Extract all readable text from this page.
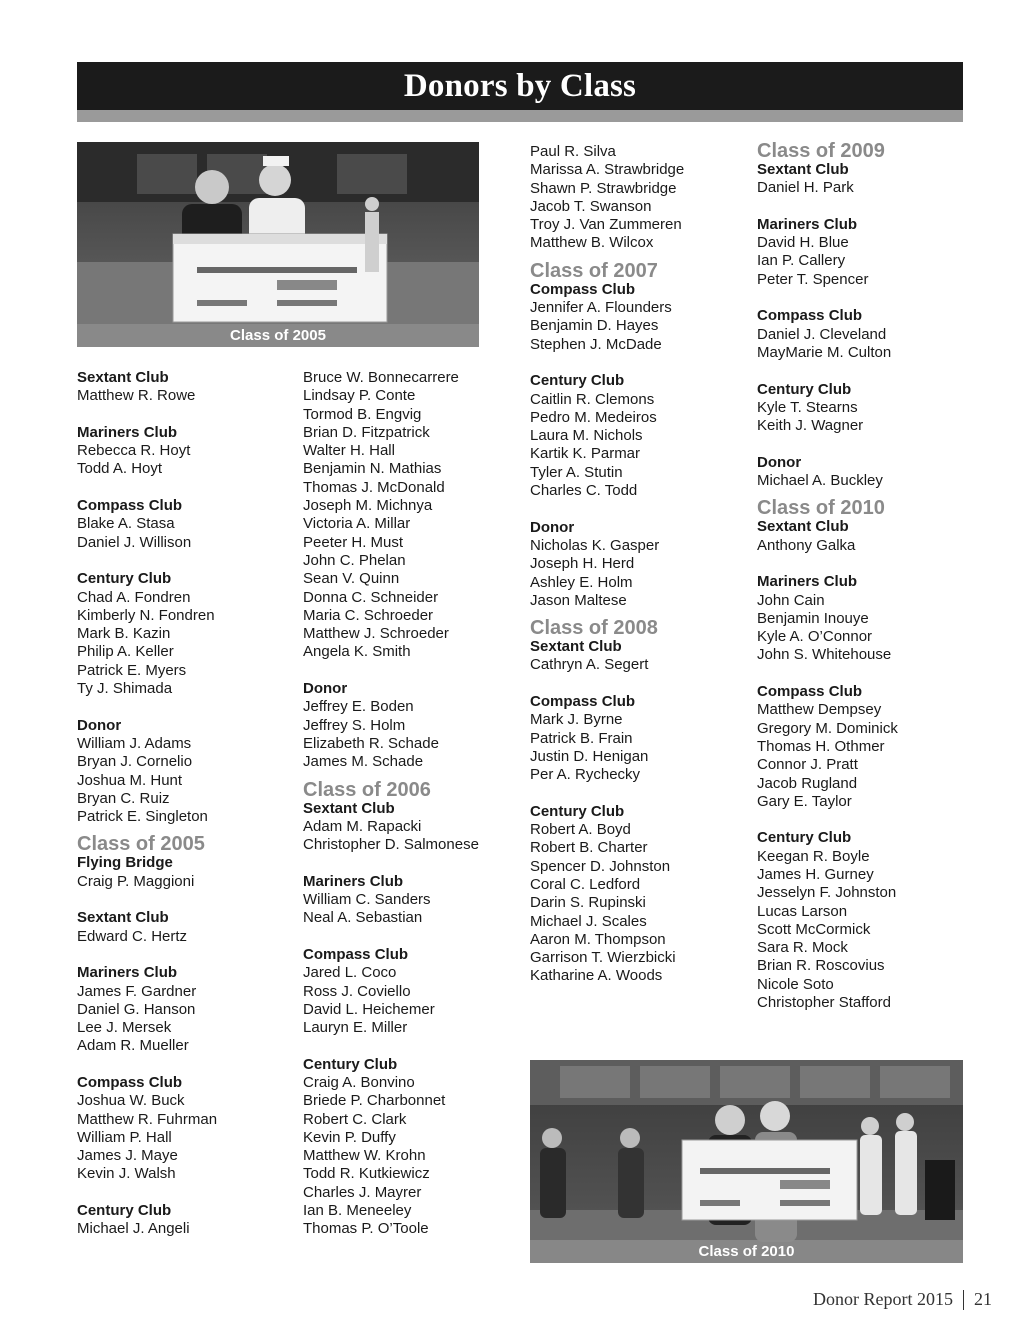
Donors by Class
Class of 2005
Class of 2010
Sextant Club
Matthew R. Rowe
Mariners Club
Rebecca R. Hoyt
Todd A. Hoyt
Compass Club
Blake A. Stasa
Daniel J. Willison
Century Club
Chad A. Fondren
Kimberly N. Fondren
Mark B. Kazin
Philip A. Keller
Patrick E. Myers
Ty J. Shimada
Donor
William J. Adams
Bryan J. Cornelio
Joshua M. Hunt
Bryan C. Ruiz
Patrick E. Singleton
Class of 2005
Flying Bridge
Craig P. Maggioni
Sextant Club
Edward C. Hertz
Mariners Club
James F. Gardner
Daniel G. Hanson
Lee J. Mersek
Adam R. Mueller
Compass Club
Joshua W. Buck
Matthew R. Fuhrman
William P. Hall
James J. Maye
Kevin J. Walsh
Century Club
Michael J. Angeli
Bruce W. Bonnecarrere
Lindsay P. Conte
Tormod B. Engvig
Brian D. Fitzpatrick
Walter H. Hall
Benjamin N. Mathias
Thomas J. McDonald
Joseph M. Michnya
Victoria A. Millar
Peeter H. Must
John C. Phelan
Sean V. Quinn
Donna C. Schneider
Maria C. Schroeder
Matthew J. Schroeder
Angela K. Smith
Donor
Jeffrey E. Boden
Jeffrey S. Holm
Elizabeth R. Schade
James M. Schade
Class of 2006
Sextant Club
Adam M. Rapacki
Christopher D. Salmonese
Mariners Club
William C. Sanders
Neal A. Sebastian
Compass Club
Jared L. Coco
Ross J. Coviello
David L. Heichemer
Lauryn E. Miller
Century Club
Craig A. Bonvino
Briede P. Charbonnet
Robert C. Clark
Kevin P. Duffy
Matthew W. Krohn
Todd R. Kutkiewicz
Charles J. Mayrer
Ian B. Meneeley
Thomas P. O’Toole
Paul R. Silva
Marissa A. Strawbridge
Shawn P. Strawbridge
Jacob T. Swanson
Troy J. Van Zummeren
Matthew B. Wilcox
Class of 2007
Compass Club
Jennifer A. Flounders
Benjamin D. Hayes
Stephen J. McDade
Century Club
Caitlin R. Clemons
Pedro M. Medeiros
Laura M. Nichols
Kartik K. Parmar
Tyler A. Stutin
Charles C. Todd
Donor
Nicholas K. Gasper
Joseph H. Herd
Ashley E. Holm
Jason Maltese
Class of 2008
Sextant Club
Cathryn A. Segert
Compass Club
Mark J. Byrne
Patrick B. Frain
Justin D. Henigan
Per A. Rychecky
Century Club
Robert A. Boyd
Robert B. Charter
Spencer D. Johnston
Coral C. Ledford
Darin S. Rupinski
Michael J. Scales
Aaron M. Thompson
Garrison T. Wierzbicki
Katharine A. Woods
Class of 2009
Sextant Club
Daniel H. Park
Mariners Club
David H. Blue
Ian P. Callery
Peter T. Spencer
Compass Club
Daniel J. Cleveland
MayMarie M. Culton
Century Club
Kyle T. Stearns
Keith J. Wagner
Donor
Michael A. Buckley
Class of 2010
Sextant Club
Anthony Galka
Mariners Club
John Cain
Benjamin Inouye
Kyle A. O’Connor
John S. Whitehouse
Compass Club
Matthew Dempsey
Gregory M. Dominick
Thomas H. Othmer
Connor J. Pratt
Jacob Rugland
Gary E. Taylor
Century Club
Keegan R. Boyle
James H. Gurney
Jesselyn F. Johnston
Lucas Larson
Scott McCormick
Sara R. Mock
Brian R. Roscovius
Nicole Soto
Christopher Stafford
Donor Report 2015 21
